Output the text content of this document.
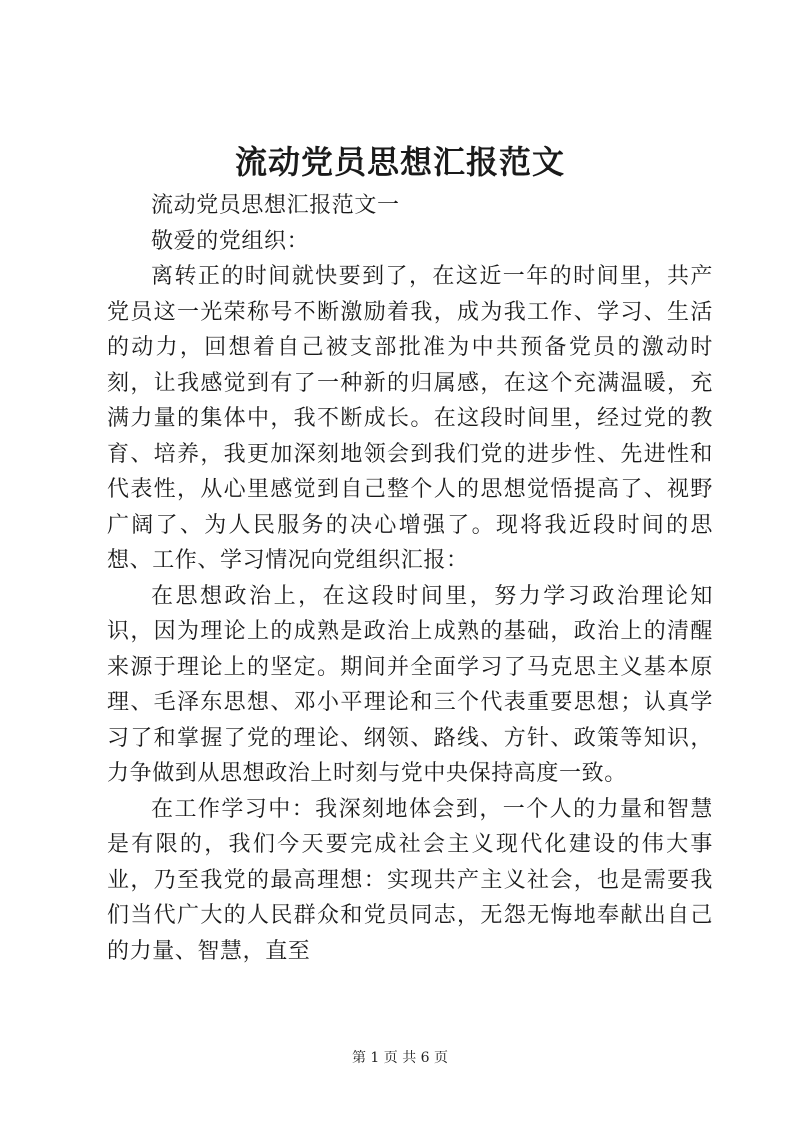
流动党员思想汇报范文

流动党员思想汇报范文一

敬爱的党组织：

离转正的时间就快要到了，在这近一年的时间里，共产党员这一光荣称号不断激励着我，成为我工作、学习、生活的动力，回想着自己被支部批准为中共预备党员的激动时刻，让我感觉到有了一种新的归属感，在这个充满温暖，充满力量的集体中，我不断成长。在这段时间里，经过党的教育、培养，我更加深刻地领会到我们党的进步性、先进性和代表性，从心里感觉到自己整个人的思想觉悟提高了、视野广阔了、为人民服务的决心增强了。现将我近段时间的思想、工作、学习情况向党组织汇报：

在思想政治上，在这段时间里，努力学习政治理论知识，因为理论上的成熟是政治上成熟的基础，政治上的清醒来源于理论上的坚定。期间并全面学习了马克思主义基本原理、毛泽东思想、邓小平理论和三个代表重要思想；认真学习了和掌握了党的理论、纲领、路线、方针、政策等知识，力争做到从思想政治上时刻与党中央保持高度一致。

在工作学习中：我深刻地体会到，一个人的力量和智慧是有限的，我们今天要完成社会主义现代化建设的伟大事业，乃至我党的最高理想：实现共产主义社会，也是需要我们当代广大的人民群众和党员同志，无怨无悔地奉献出自己的力量、智慧，直至

第 1 页 共 6 页
